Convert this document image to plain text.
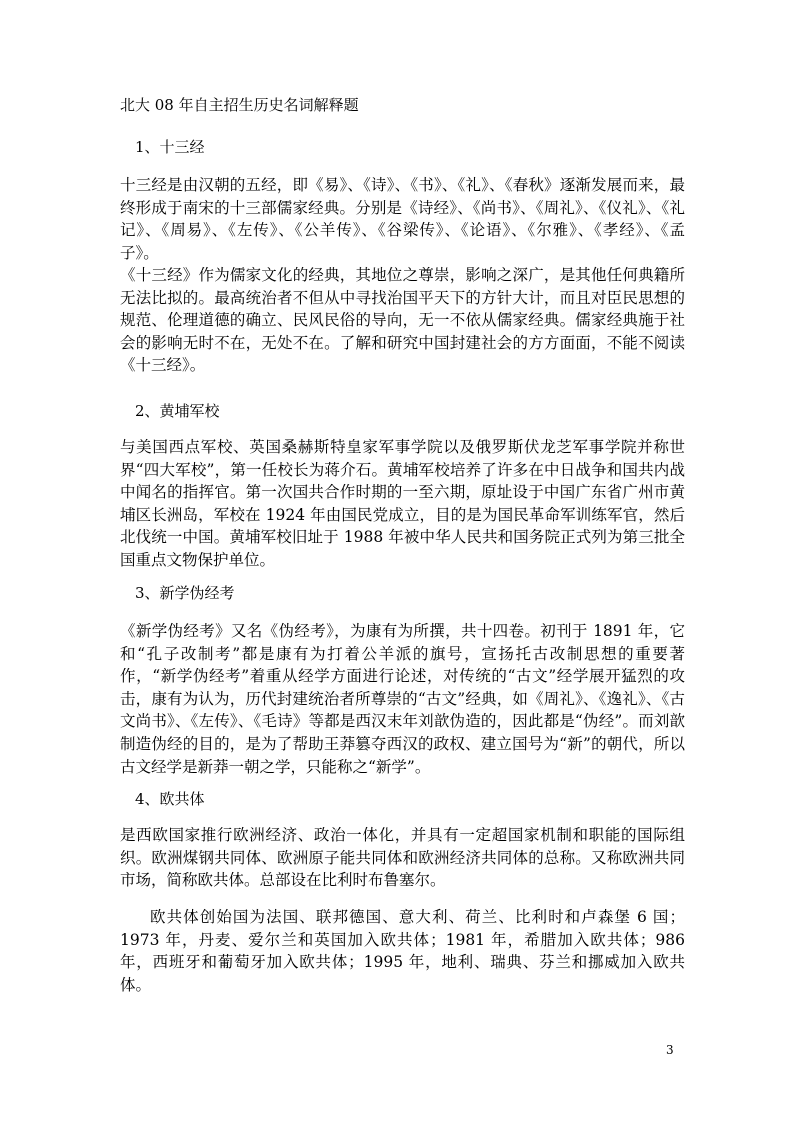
北大 08 年自主招生历史名词解释题
1、十三经
十三经是由汉朝的五经，即《易》、《诗》、《书》、《礼》、《春秋》逐渐发展而来，最终形成于南宋的十三部儒家经典。分别是《诗经》、《尚书》、《周礼》、《仪礼》、《礼记》、《周易》、《左传》、《公羊传》、《谷梁传》、《论语》、《尔雅》、《孝经》、《孟子》。
《十三经》作为儒家文化的经典，其地位之尊崇，影响之深广，是其他任何典籍所无法比拟的。最高统治者不但从中寻找治国平天下的方针大计，而且对臣民思想的规范、伦理道德的确立、民风民俗的导向，无一不依从儒家经典。儒家经典施于社会的影响无时不在，无处不在。了解和研究中国封建社会的方方面面，不能不阅读《十三经》。
2、黄埔军校
与美国西点军校、英国桑赫斯特皇家军事学院以及俄罗斯伏龙芝军事学院并称世界“四大军校”，第一任校长为蒋介石。黄埔军校培养了许多在中日战争和国共内战中闻名的指挥官。第一次国共合作时期的一至六期，原址设于中国广东省广州市黄埔区长洲岛，军校在 1924 年由国民党成立，目的是为国民革命军训练军官，然后北伐统一中国。黄埔军校旧址于 1988 年被中华人民共和国务院正式列为第三批全国重点文物保护单位。
3、新学伪经考
《新学伪经考》又名《伪经考》，为康有为所撰，共十四卷。初刊于 1891 年，它和“孔子改制考”都是康有为打着公羊派的旗号，宣扬托古改制思想的重要著作，“新学伪经考”着重从经学方面进行论述，对传统的“古文”经学展开猛烈的攻击，康有为认为，历代封建统治者所尊崇的“古文”经典，如《周礼》、《逸礼》、《古文尚书》、《左传》、《毛诗》等都是西汉末年刘歆伪造的，因此都是“伪经”。而刘歆制造伪经的目的，是为了帮助王莽篡夺西汉的政权、建立国号为“新”的朝代，所以古文经学是新莽一朝之学，只能称之“新学”。
4、欧共体
是西欧国家推行欧洲经济、政治一体化，并具有一定超国家机制和职能的国际组织。欧洲煤钢共同体、欧洲原子能共同体和欧洲经济共同体的总称。又称欧洲共同市场，简称欧共体。总部设在比利时布鲁塞尔。
欧共体创始国为法国、联邦德国、意大利、荷兰、比利时和卢森堡 6 国；1973 年，丹麦、爱尔兰和英国加入欧共体；1981 年，希腊加入欧共体；986 年，西班牙和葡萄牙加入欧共体；1995 年，地利、瑞典、芬兰和挪威加入欧共体。
3
